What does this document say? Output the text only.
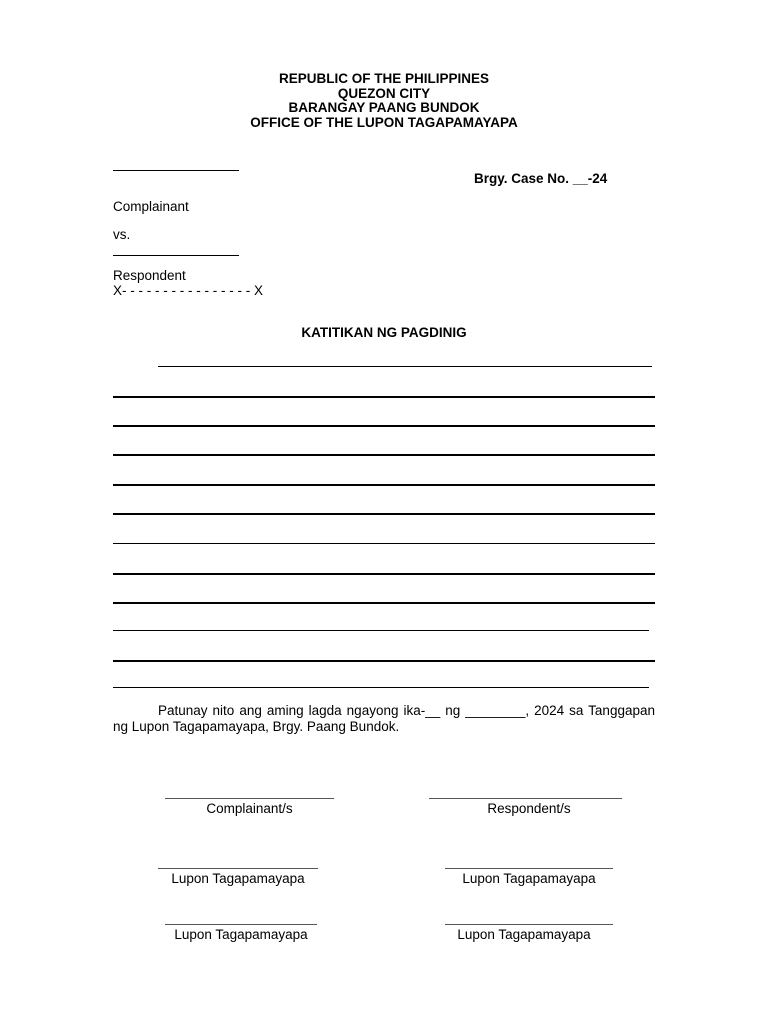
REPUBLIC OF THE PHILIPPINES
QUEZON CITY
BARANGAY PAANG BUNDOK
OFFICE OF THE LUPON TAGAPAMAYAPA
Brgy. Case No. __-24
Complainant
vs.
Respondent
X- - - - - - - - - - - - - - - - X
KATITIKAN NG PAGDINIG
Patunay nito ang aming lagda ngayong ika-__ ng ________, 2024 sa Tanggapan ng Lupon Tagapamayapa, Brgy. Paang Bundok.
Complainant/s	Respondent/s
Lupon Tagapamayapa	Lupon Tagapamayapa
Lupon Tagapamayapa	Lupon Tagapamayapa
